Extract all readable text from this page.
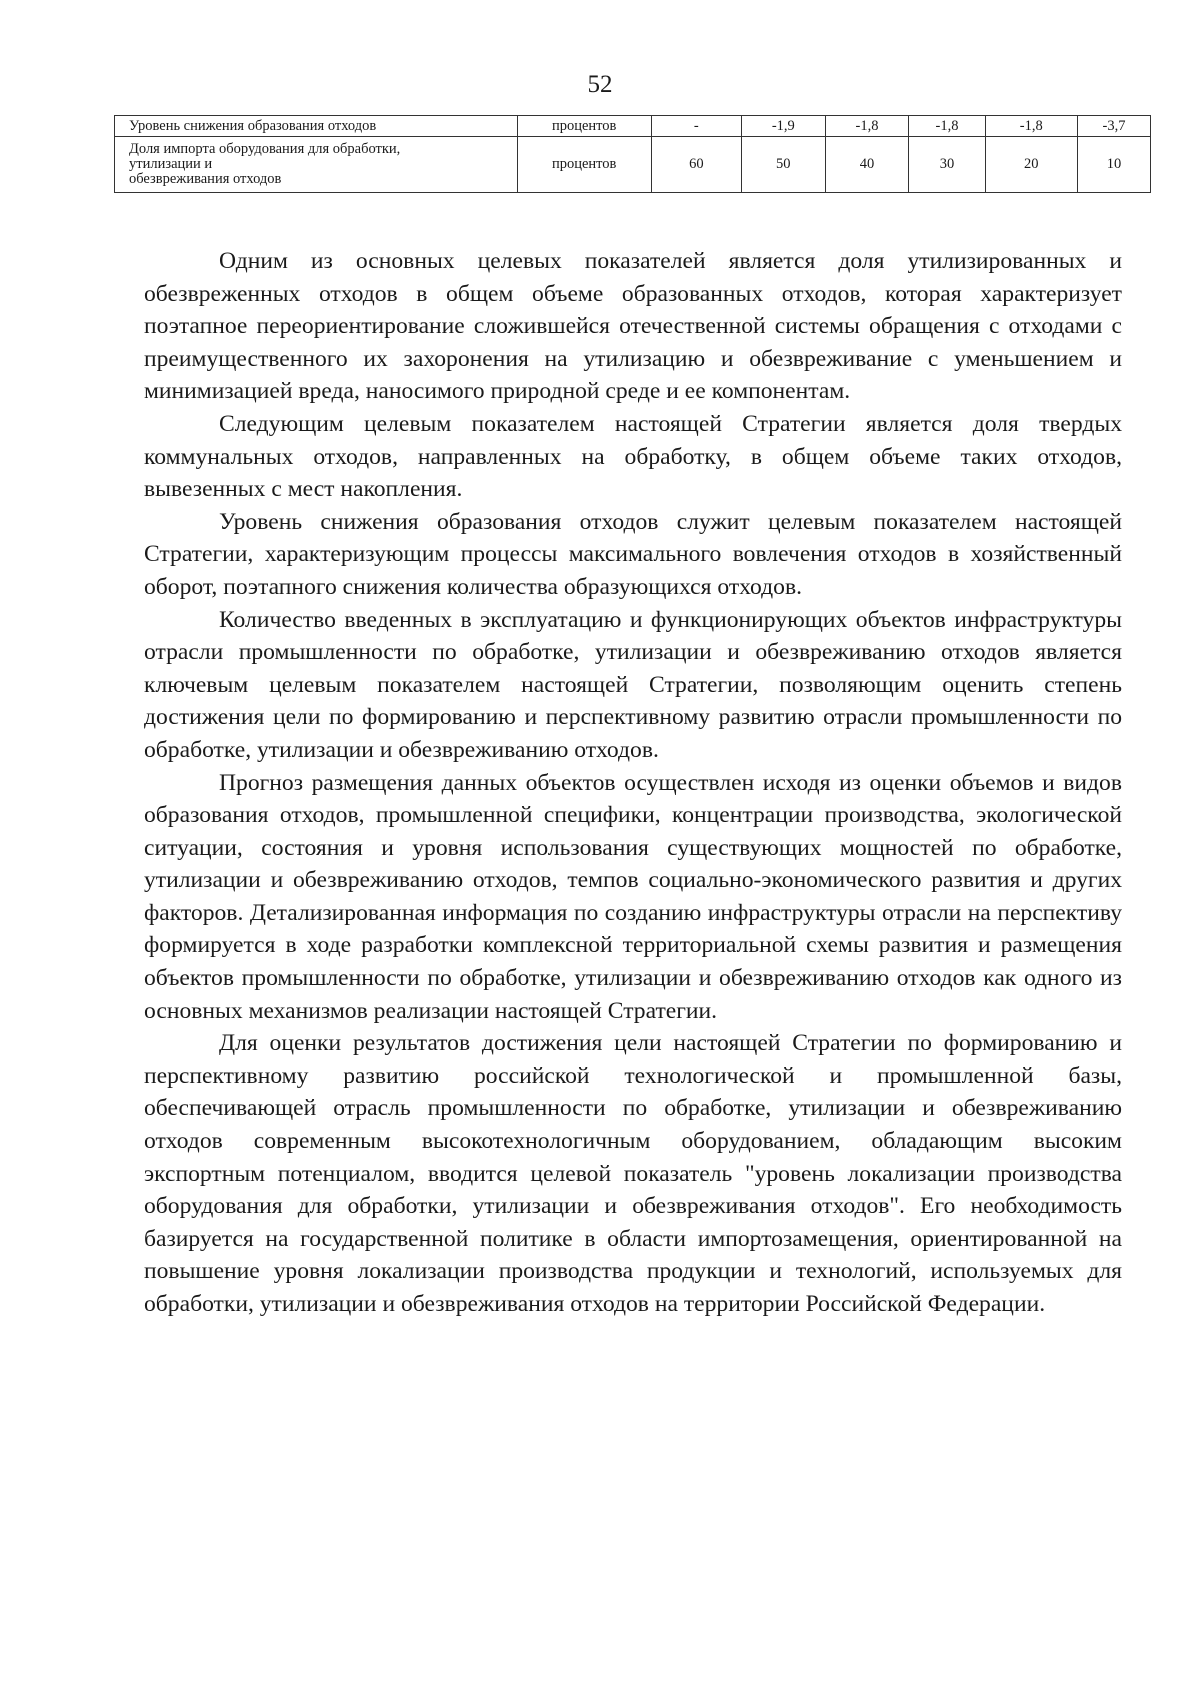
52
Уровень снижения образования отходов	процентов	-	-1,9	-1,8	-1,8	-1,8	-3,7
Доля импорта оборудования для обработки,
утилизации и
обезвреживания отходов	процентов	60	50	40	30	20	10

Одним из основных целевых показателей является доля утилизированных и обезвреженных отходов в общем объеме образованных отходов, которая характеризует поэтапное переориентирование сложившейся отечественной системы обращения с отходами с преимущественного их захоронения на утилизацию и обезвреживание с уменьшением и минимизацией вреда, наносимого природной среде и ее компонентам.

Следующим целевым показателем настоящей Стратегии является доля твердых коммунальных отходов, направленных на обработку, в общем объеме таких отходов, вывезенных с мест накопления.

Уровень снижения образования отходов служит целевым показателем настоящей Стратегии, характеризующим процессы максимального вовлечения отходов в хозяйственный оборот, поэтапного снижения количества образующихся отходов.

Количество введенных в эксплуатацию и функционирующих объектов инфраструктуры отрасли промышленности по обработке, утилизации и обезвреживанию отходов является ключевым целевым показателем настоящей Стратегии, позволяющим оценить степень достижения цели по формированию и перспективному развитию отрасли промышленности по обработке, утилизации и обезвреживанию отходов.

Прогноз размещения данных объектов осуществлен исходя из оценки объемов и видов образования отходов, промышленной специфики, концентрации производства, экологической ситуации, состояния и уровня использования существующих мощностей по обработке, утилизации и обезвреживанию отходов, темпов социально-экономического развития и других факторов. Детализированная информация по созданию инфраструктуры отрасли на перспективу формируется в ходе разработки комплексной территориальной схемы развития и размещения объектов промышленности по обработке, утилизации и обезвреживанию отходов как одного из основных механизмов реализации настоящей Стратегии.

Для оценки результатов достижения цели настоящей Стратегии по формированию и перспективному развитию российской технологической и промышленной базы, обеспечивающей отрасль промышленности по обработке, утилизации и обезвреживанию отходов современным высокотехнологичным оборудованием, обладающим высоким экспортным потенциалом, вводится целевой показатель "уровень локализации производства оборудования для обработки, утилизации и обезвреживания отходов". Его необходимость базируется на государственной политике в области импортозамещения, ориентированной на повышение уровня локализации производства продукции и технологий, используемых для обработки, утилизации и обезвреживания отходов на территории Российской Федерации.
